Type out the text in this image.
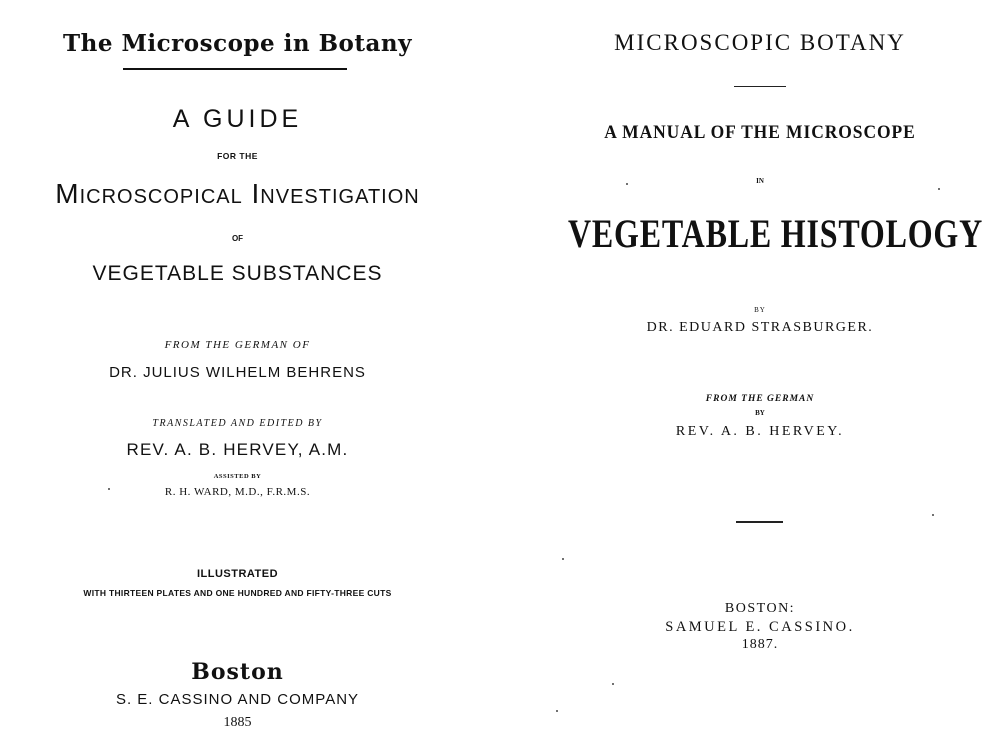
The Microscope in Botany
A GUIDE
FOR THE
Microscopical Investigation
OF
VEGETABLE SUBSTANCES
FROM THE GERMAN OF
DR. JULIUS WILHELM BEHRENS
TRANSLATED AND EDITED BY
REV. A. B. HERVEY, A.M.
ASSISTED BY
R. H. WARD, M.D., F.R.M.S.
ILLUSTRATED
WITH THIRTEEN PLATES AND ONE HUNDRED AND FIFTY-THREE CUTS
Boston
S. E. CASSINO AND COMPANY
1885
MICROSCOPIC BOTANY
A MANUAL OF THE MICROSCOPE
IN
VEGETABLE HISTOLOGY
BY
DR. EDUARD STRASBURGER.
FROM THE GERMAN
BY
REV. A. B. HERVEY.
BOSTON:
SAMUEL E. CASSINO.
1887.
